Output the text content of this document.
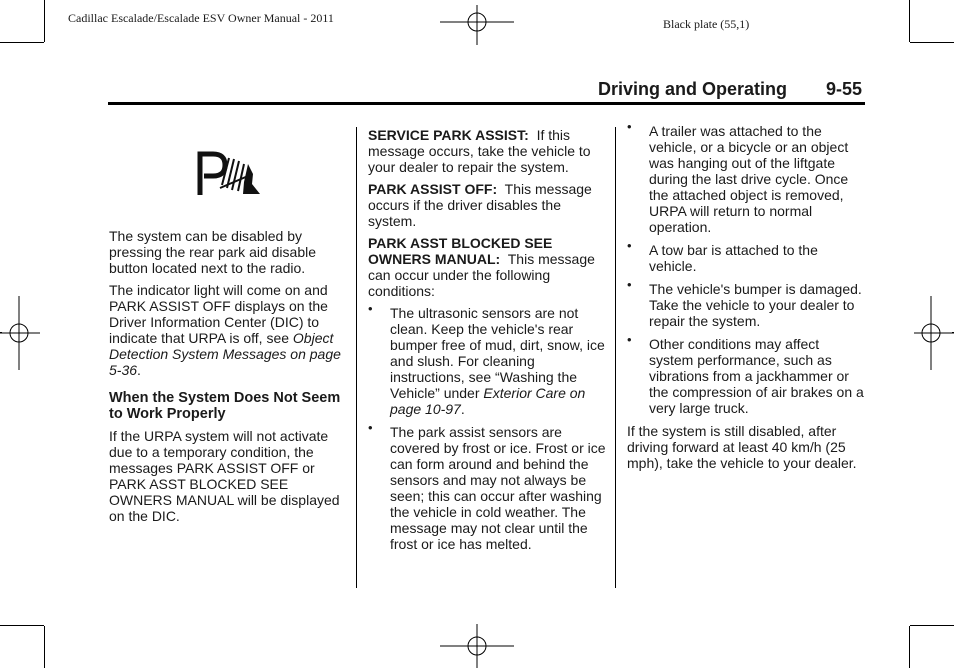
Cadillac Escalade/Escalade ESV Owner Manual - 2011	Black plate (55,1)
Driving and Operating 9-55

The system can be disabled by pressing the rear park aid disable button located next to the radio.

The indicator light will come on and PARK ASSIST OFF displays on the Driver Information Center (DIC) to indicate that URPA is off, see Object Detection System Messages on page 5-36.

When the System Does Not Seem to Work Properly

If the URPA system will not activate due to a temporary condition, the messages PARK ASSIST OFF or PARK ASST BLOCKED SEE OWNERS MANUAL will be displayed on the DIC.

SERVICE PARK ASSIST: If this message occurs, take the vehicle to your dealer to repair the system.

PARK ASSIST OFF: This message occurs if the driver disables the system.

PARK ASST BLOCKED SEE OWNERS MANUAL: This message can occur under the following conditions:

• The ultrasonic sensors are not clean. Keep the vehicle's rear bumper free of mud, dirt, snow, ice and slush. For cleaning instructions, see “Washing the Vehicle” under Exterior Care on page 10-97.
• The park assist sensors are covered by frost or ice. Frost or ice can form around and behind the sensors and may not always be seen; this can occur after washing the vehicle in cold weather. The message may not clear until the frost or ice has melted.
• A trailer was attached to the vehicle, or a bicycle or an object was hanging out of the liftgate during the last drive cycle. Once the attached object is removed, URPA will return to normal operation.
• A tow bar is attached to the vehicle.
• The vehicle's bumper is damaged. Take the vehicle to your dealer to repair the system.
• Other conditions may affect system performance, such as vibrations from a jackhammer or the compression of air brakes on a very large truck.

If the system is still disabled, after driving forward at least 40 km/h (25 mph), take the vehicle to your dealer.
